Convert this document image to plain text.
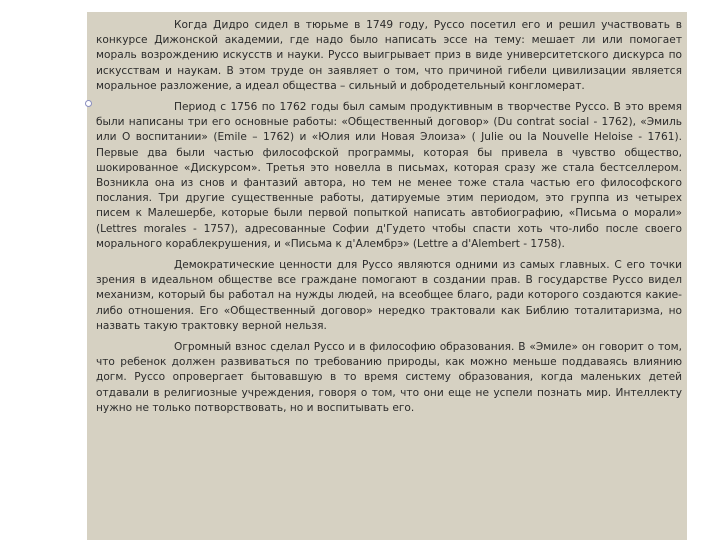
Когда Дидро сидел в тюрьме в 1749 году, Руссо посетил его и решил участвовать в конкурсе Дижонской академии, где надо было написать эссе на тему: мешает ли или помогает мораль возрождению искусств и науки. Руссо выигрывает приз в виде университетского дискурса по искусствам и наукам. В этом труде он заявляет о том, что причиной гибели цивилизации является моральное разложение, а идеал общества – сильный и добродетельный конгломерат.

Период с 1756 по 1762 годы был самым продуктивным в творчестве Руссо. В это время были написаны три его основные работы: «Общественный договор» (Du contrat social - 1762), «Эмиль или О воспитании» (Emile – 1762) и «Юлия или Новая Элоиза» ( Julie ou la Nouvelle Heloise - 1761). Первые два были частью философской программы, которая бы привела в чувство общество, шокированное «Дискурсом». Третья это новелла в письмах, которая сразу же стала бестселлером. Возникла она из снов и фантазий автора, но тем не менее тоже стала частью его философского послания. Три другие существенные работы, датируемые этим периодом, это группа из четырех писем к Малешербе, которые были первой попыткой написать автобиографию, «Письма о морали» (Lettres morales - 1757), адресованные Софии д'Гудето чтобы спасти хоть что-либо после своего морального кораблекрушения, и «Письма к д'Алембрэ» (Lettre a d'Alembert - 1758).

Демократические ценности для Руссо являются одними из самых главных. С его точки зрения в идеальном обществе все граждане помогают в создании прав. В государстве Руссо видел механизм, который бы работал на нужды людей, на всеобщее благо, ради которого создаются какие-либо отношения. Его «Общественный договор» нередко трактовали как Библию тоталитаризма, но назвать такую трактовку верной нельзя.

Огромный взнос сделал Руссо и в философию образования. В «Эмиле» он говорит о том, что ребенок должен развиваться по требованию природы, как можно меньше поддаваясь влиянию догм. Руссо опровергает бытовавшую в то время систему образования, когда маленьких детей отдавали в религиозные учреждения, говоря о том, что они еще не успели познать мир. Интеллекту нужно не только потворствовать, но и воспитывать его.
